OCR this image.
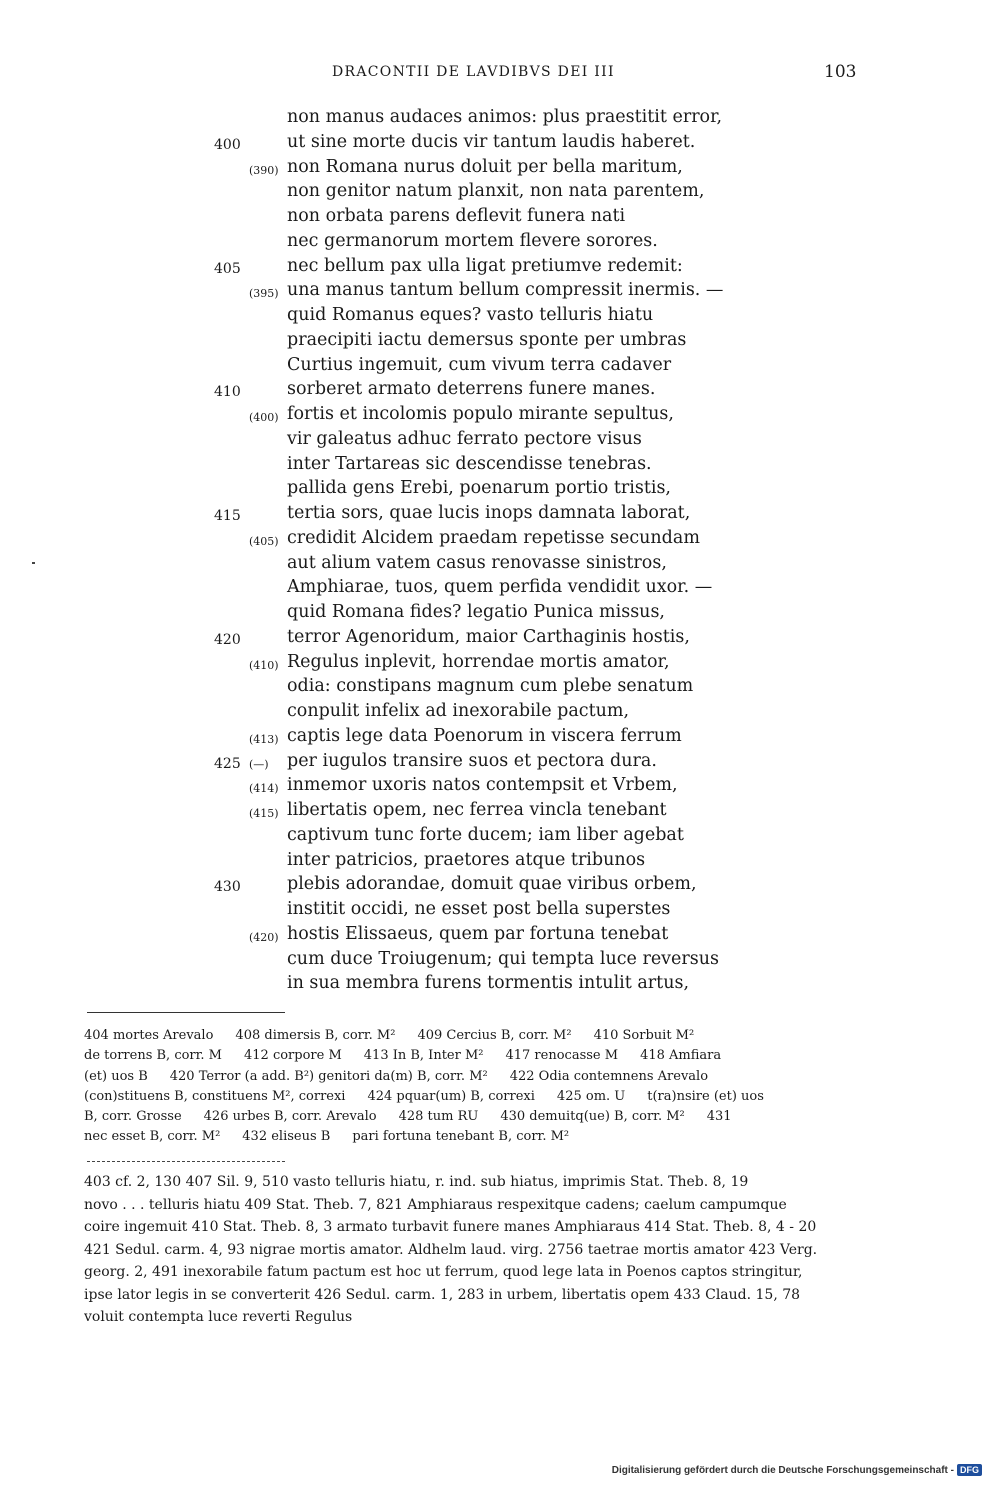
DRACONTII DE LAVDIBVS DEI III	103
non manus audaces animos: plus praestitit error,
400	ut sine morte ducis vir tantum laudis haberet.
(390) non Romana nurus doluit per bella maritum,
non genitor natum planxit, non nata parentem,
non orbata parens deflevit funera nati
nec germanorum mortem flevere sorores.
405	nec bellum pax ulla ligat pretiumve redemit:
(395) una manus tantum bellum compressit inermis. —
quid Romanus eques? vasto telluris hiatu
praecipiti iactu demersus sponte per umbras
Curtius ingemuit, cum vivum terra cadaver
410	sorberet armato deterrens funere manes.
(400) fortis et incolomis populo mirante sepultus,
vir galeatus adhuc ferrato pectore visus
inter Tartareas sic descendisse tenebras.
pallida gens Erebi, poenarum portio tristis,
415	tertia sors, quae lucis inops damnata laborat,
(405) credidit Alcidem praedam repetisse secundam
aut alium vatem casus renovasse sinistros,
Amphiarae, tuos, quem perfida vendidit uxor. —
quid Romana fides? legatio Punica missus,
420	terror Agenoridum, maior Carthaginis hostis,
(410) Regulus inplevit, horrendae mortis amator,
odia: constipans magnum cum plebe senatum
conpulit infelix ad inexorabile pactum,
(413) captis lege data Poenorum in viscera ferrum
425 (—) per iugulos transire suos et pectora dura.
(414) inmemor uxoris natos contempsit et Vrbem,
(415) libertatis opem, nec ferrea vincla tenebant
captivum tunc forte ducem; iam liber agebat
inter patricios, praetores atque tribunos
430	plebis adorandae, domuit quae viribus orbem,
institit occidi, ne esset post bella superstes
(420) hostis Elissaeus, quem par fortuna tenebat
cum duce Troiugenum; qui tempta luce reversus
in sua membra furens tormentis intulit artus,
404 mortes Arevalo 408 dimersis B, corr. M² 409 Cercius B, corr. M² 410 Sorbuit M²
de torrens B, corr. M 412 corpore M 413 In B, Inter M² 417 renocasse M 418 Amfiara
(et) uos B 420 Terror (a add. B²) genitori da(m) B, corr. M² 422 Odia contemnens Arevalo
(con)stituens B, constituens M², correxi 424 pquar(um) B, correxi 425 om. U t(ra)nsire (et) uos
B, corr. Grosse 426 urbes B, corr. Arevalo 428 tum RU 430 demuitq(ue) B, corr. M² 431
nec esset B, corr. M² 432 eliseus B pari fortuna tenebant B, corr. M²
403 cf. 2, 130 407 Sil. 9, 510 vasto telluris hiatu, r. ind. sub hiatus, imprimis Stat. Theb. 8, 19
novo . . . telluris hiatu 409 Stat. Theb. 7, 821 Amphiaraus respexitque cadens; caelum campumque
coire ingemuit 410 Stat. Theb. 8, 3 armato turbavit funere manes Amphiaraus 414 Stat. Theb. 8, 4 - 20
421 Sedul. carm. 4, 93 nigrae mortis amator. Aldhelm laud. virg. 2756 taetrae mortis amator 423 Verg.
georg. 2, 491 inexorabile fatum pactum est hoc ut ferrum, quod lege lata in Poenos captos stringitur,
ipse lator legis in se converterit 426 Sedul. carm. 1, 283 in urbem, libertatis opem 433 Claud. 15, 78
voluit contempta luce reverti Regulus
Digitalisierung gefördert durch die Deutsche Forschungsgemeinschaft - DFG
